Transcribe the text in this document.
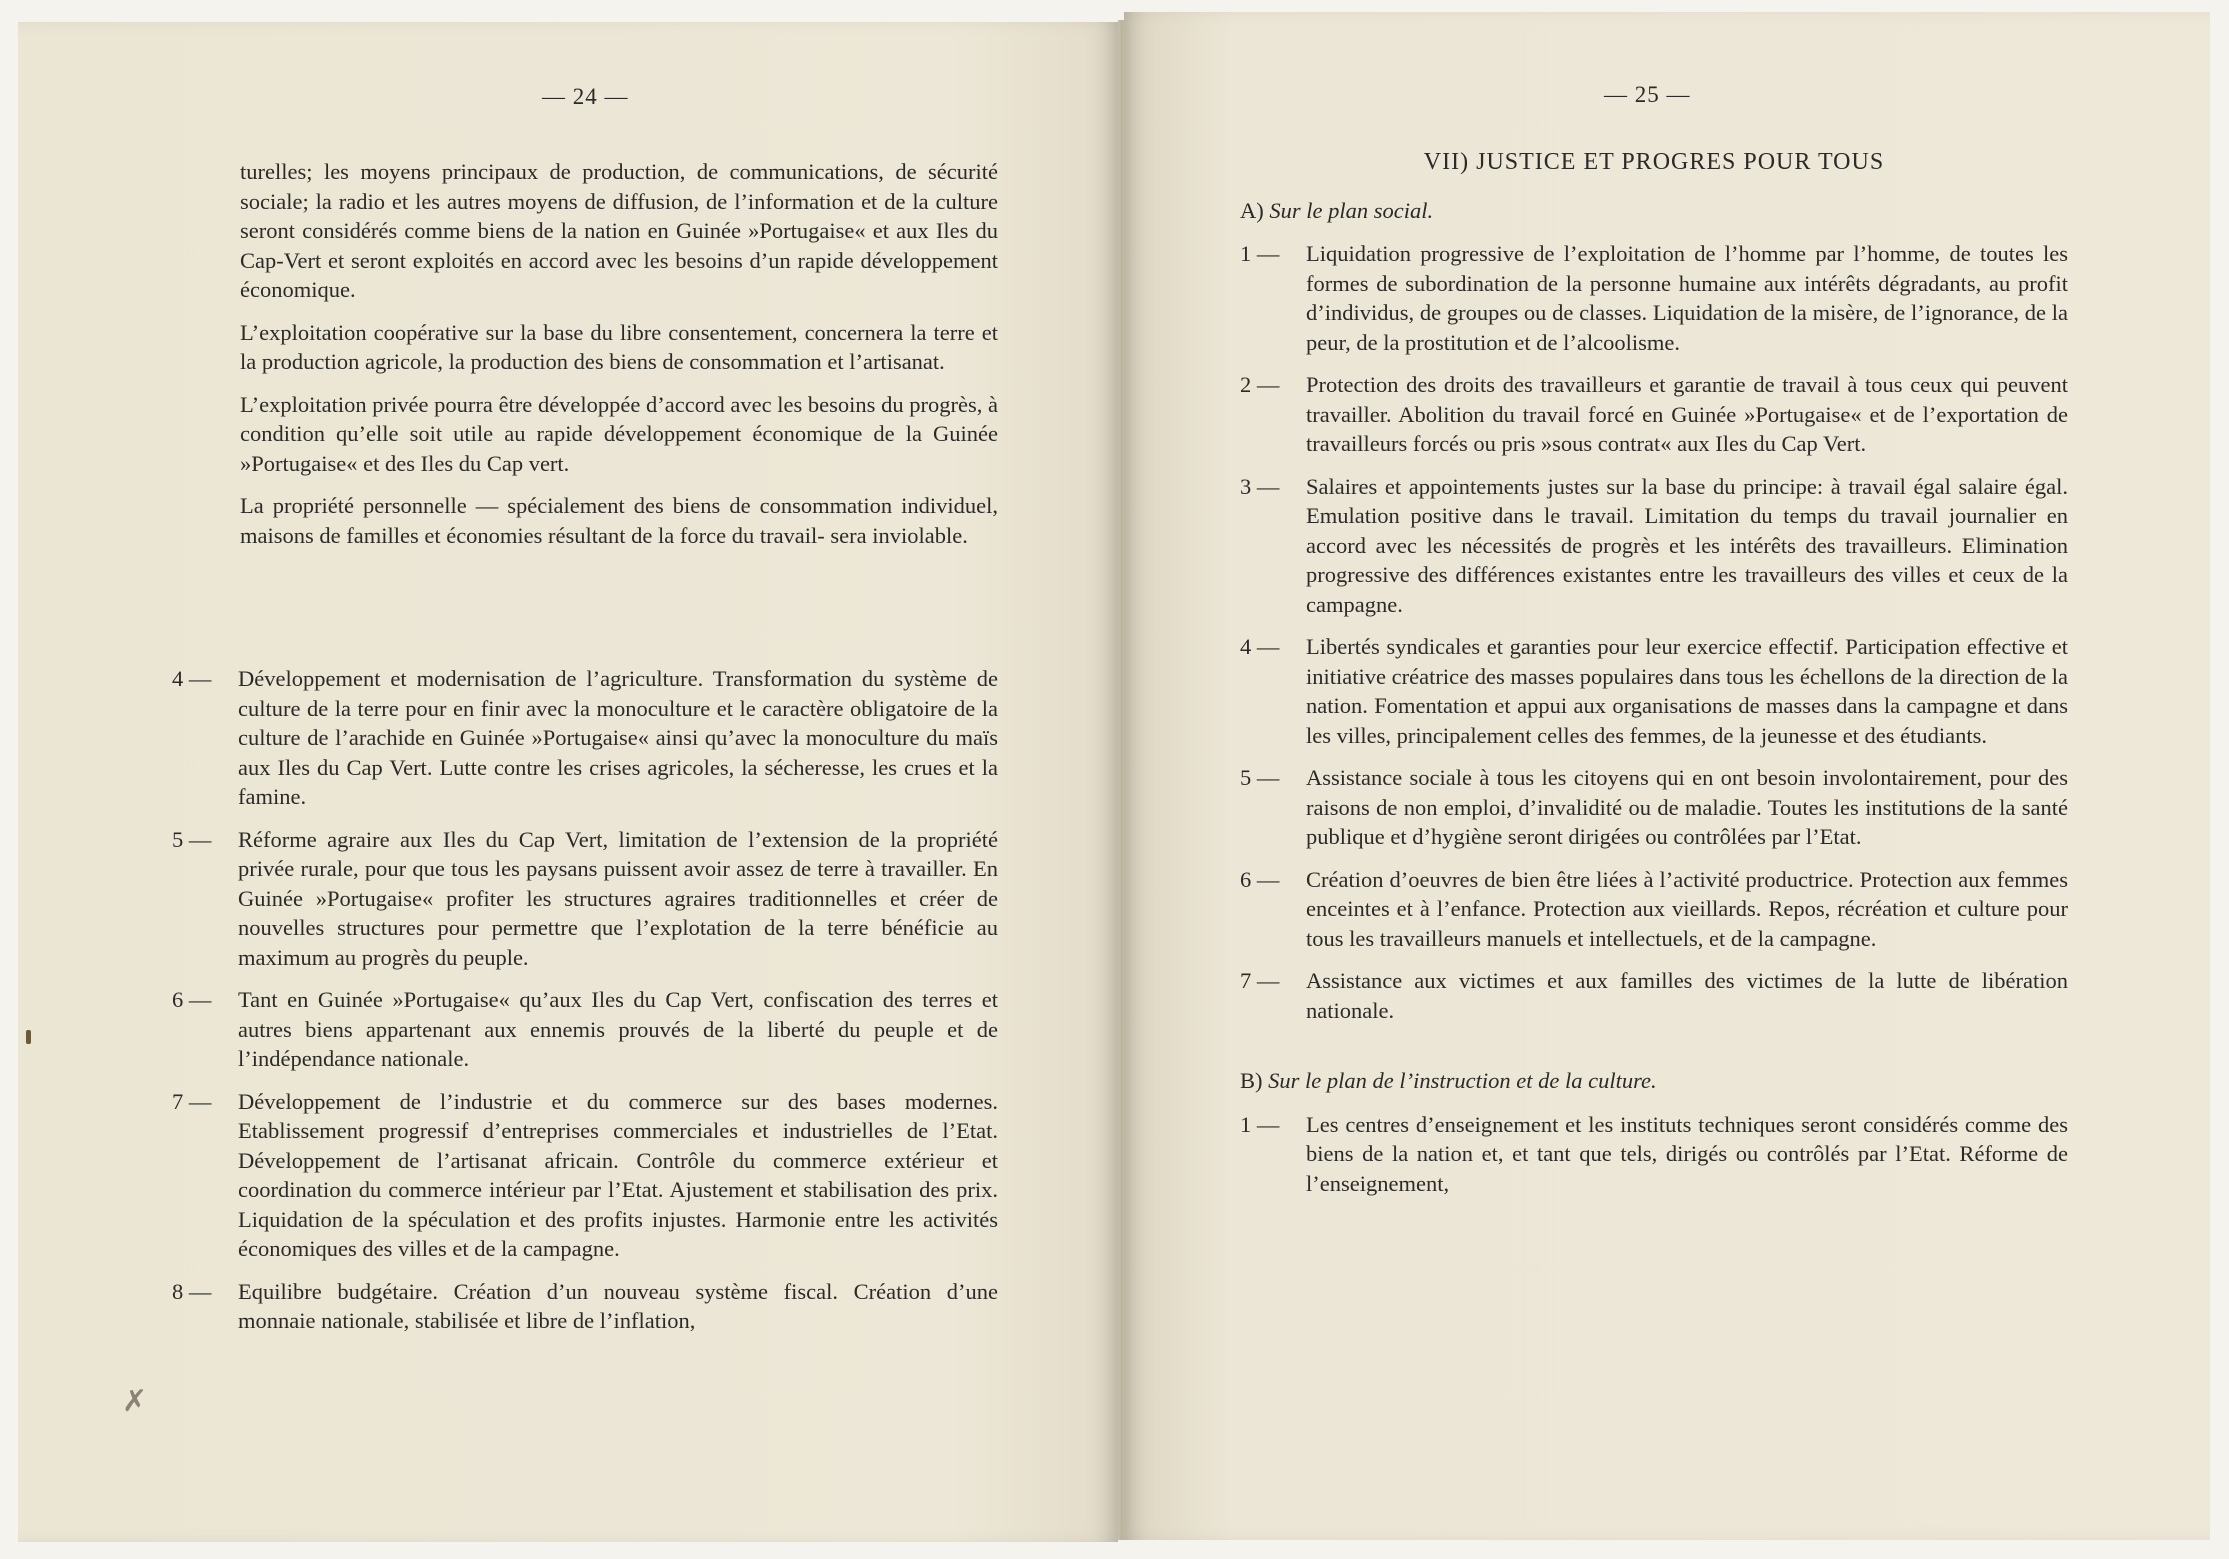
— 24 —
✗

turelles; les moyens principaux de production, de communications, de sécurité sociale; la radio et les autres moyens de diffusion, de l’information et de la culture seront considérés comme biens de la nation en Guinée »Portugaise« et aux Iles du Cap-Vert et seront exploités en accord avec les besoins d’un rapide développement économique.

L’exploitation coopérative sur la base du libre consentement, concernera la terre et la production agricole, la production des biens de consommation et l’artisanat.

L’exploitation privée pourra être développée d’accord avec les besoins du progrès, à condition qu’elle soit utile au rapide développement économique de la Guinée »Portugaise« et des Iles du Cap vert.

La propriété personnelle — spécialement des biens de consommation individuel, maisons de familles et économies résultant de la force du travail- sera inviolable.

4 —	Développement et modernisation de l’agriculture. Transformation du système de culture de la terre pour en finir avec la monoculture et le caractère obligatoire de la culture de l’arachide en Guinée »Portugaise« ainsi qu’avec la monoculture du maïs aux Iles du Cap Vert. Lutte contre les crises agricoles, la sécheresse, les crues et la famine.
5 —	Réforme agraire aux Iles du Cap Vert, limitation de l’extension de la propriété privée rurale, pour que tous les paysans puissent avoir assez de terre à travailler. En Guinée »Portugaise« profiter les structures agraires traditionnelles et créer de nouvelles structures pour permettre que l’explotation de la terre bénéficie au maximum au progrès du peuple.
6 —	Tant en Guinée »Portugaise« qu’aux Iles du Cap Vert, confiscation des terres et autres biens appartenant aux ennemis prouvés de la liberté du peuple et de l’indépendance nationale.
7 —	Développement de l’industrie et du commerce sur des bases modernes. Etablissement progressif d’entreprises commerciales et industrielles de l’Etat. Développement de l’artisanat africain. Contrôle du commerce extérieur et coordination du commerce intérieur par l’Etat. Ajustement et stabilisation des prix. Liquidation de la spéculation et des profits injustes. Harmonie entre les activités économiques des villes et de la campagne.
8 —	Equilibre budgétaire. Création d’un nouveau système fiscal. Création d’une monnaie nationale, stabilisée et libre de l’inflation,
— 25 —
VII) JUSTICE ET PROGRES POUR TOUS
A) Sur le plan social.
1 —	Liquidation progressive de l’exploitation de l’homme par l’homme, de toutes les formes de subordination de la personne humaine aux intérêts dégradants, au profit d’individus, de groupes ou de classes. Liquidation de la misère, de l’ignorance, de la peur, de la prostitution et de l’alcoolisme.
2 —	Protection des droits des travailleurs et garantie de travail à tous ceux qui peuvent travailler. Abolition du travail forcé en Guinée »Portugaise« et de l’exportation de travailleurs forcés ou pris »sous contrat« aux Iles du Cap Vert.
3 —	Salaires et appointements justes sur la base du principe: à travail égal salaire égal. Emulation positive dans le travail. Limitation du temps du travail journalier en accord avec les nécessités de progrès et les intérêts des travailleurs. Elimination progressive des différences existantes entre les travailleurs des villes et ceux de la campagne.
4 —	Libertés syndicales et garanties pour leur exercice effectif. Participation effective et initiative créatrice des masses populaires dans tous les échellons de la direction de la nation. Fomentation et appui aux organisations de masses dans la campagne et dans les villes, principalement celles des femmes, de la jeunesse et des étudiants.
5 —	Assistance sociale à tous les citoyens qui en ont besoin involontairement, pour des raisons de non emploi, d’invalidité ou de maladie. Toutes les institutions de la santé publique et d’hygiène seront dirigées ou contrôlées par l’Etat.
6 —	Création d’oeuvres de bien être liées à l’activité productrice. Protection aux femmes enceintes et à l’enfance. Protection aux vieillards. Repos, récréation et culture pour tous les travailleurs manuels et intellectuels, et de la campagne.
7 —	Assistance aux victimes et aux familles des victimes de la lutte de libération nationale.
B) Sur le plan de l’instruction et de la culture.
1 —	Les centres d’enseignement et les instituts techniques seront considérés comme des biens de la nation et, et tant que tels, dirigés ou contrôlés par l’Etat. Réforme de l’enseignement,
